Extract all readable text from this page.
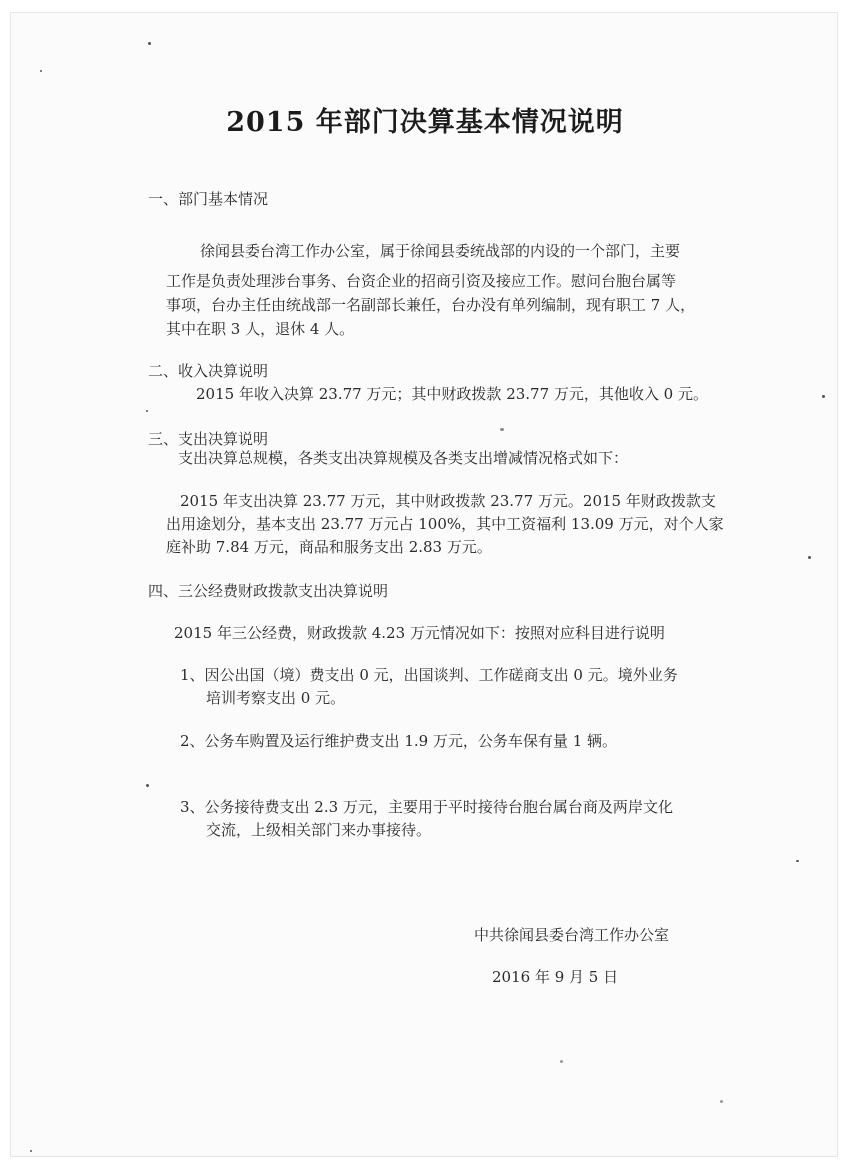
2015 年部门决算基本情况说明

一、部门基本情况

徐闻县委台湾工作办公室，属于徐闻县委统战部的内设的一个部门，主要

工作是负责处理涉台事务、台资企业的招商引资及接应工作。慰问台胞台属等

事项，台办主任由统战部一名副部长兼任，台办没有单列编制，现有职工 7 人，

其中在职 3 人，退休 4 人。

二、收入决算说明

2015 年收入决算 23.77 万元；其中财政拨款 23.77 万元，其他收入 0 元。

三、支出决算说明

支出决算总规模，各类支出决算规模及各类支出增减情况格式如下：

2015 年支出决算 23.77 万元，其中财政拨款 23.77 万元。2015 年财政拨款支

出用途划分，基本支出 23.77 万元占 100%，其中工资福利 13.09 万元，对个人家

庭补助 7.84 万元，商品和服务支出 2.83 万元。

四、三公经费财政拨款支出决算说明

2015 年三公经费，财政拨款 4.23 万元情况如下：按照对应科目进行说明

1、因公出国（境）费支出 0 元，出国谈判、工作磋商支出 0 元。境外业务

培训考察支出 0 元。

2、公务车购置及运行维护费支出 1.9 万元，公务车保有量 1 辆。

3、公务接待费支出 2.3 万元，主要用于平时接待台胞台属台商及两岸文化

交流，上级相关部门来办事接待。

中共徐闻县委台湾工作办公室

2016 年 9 月 5 日
